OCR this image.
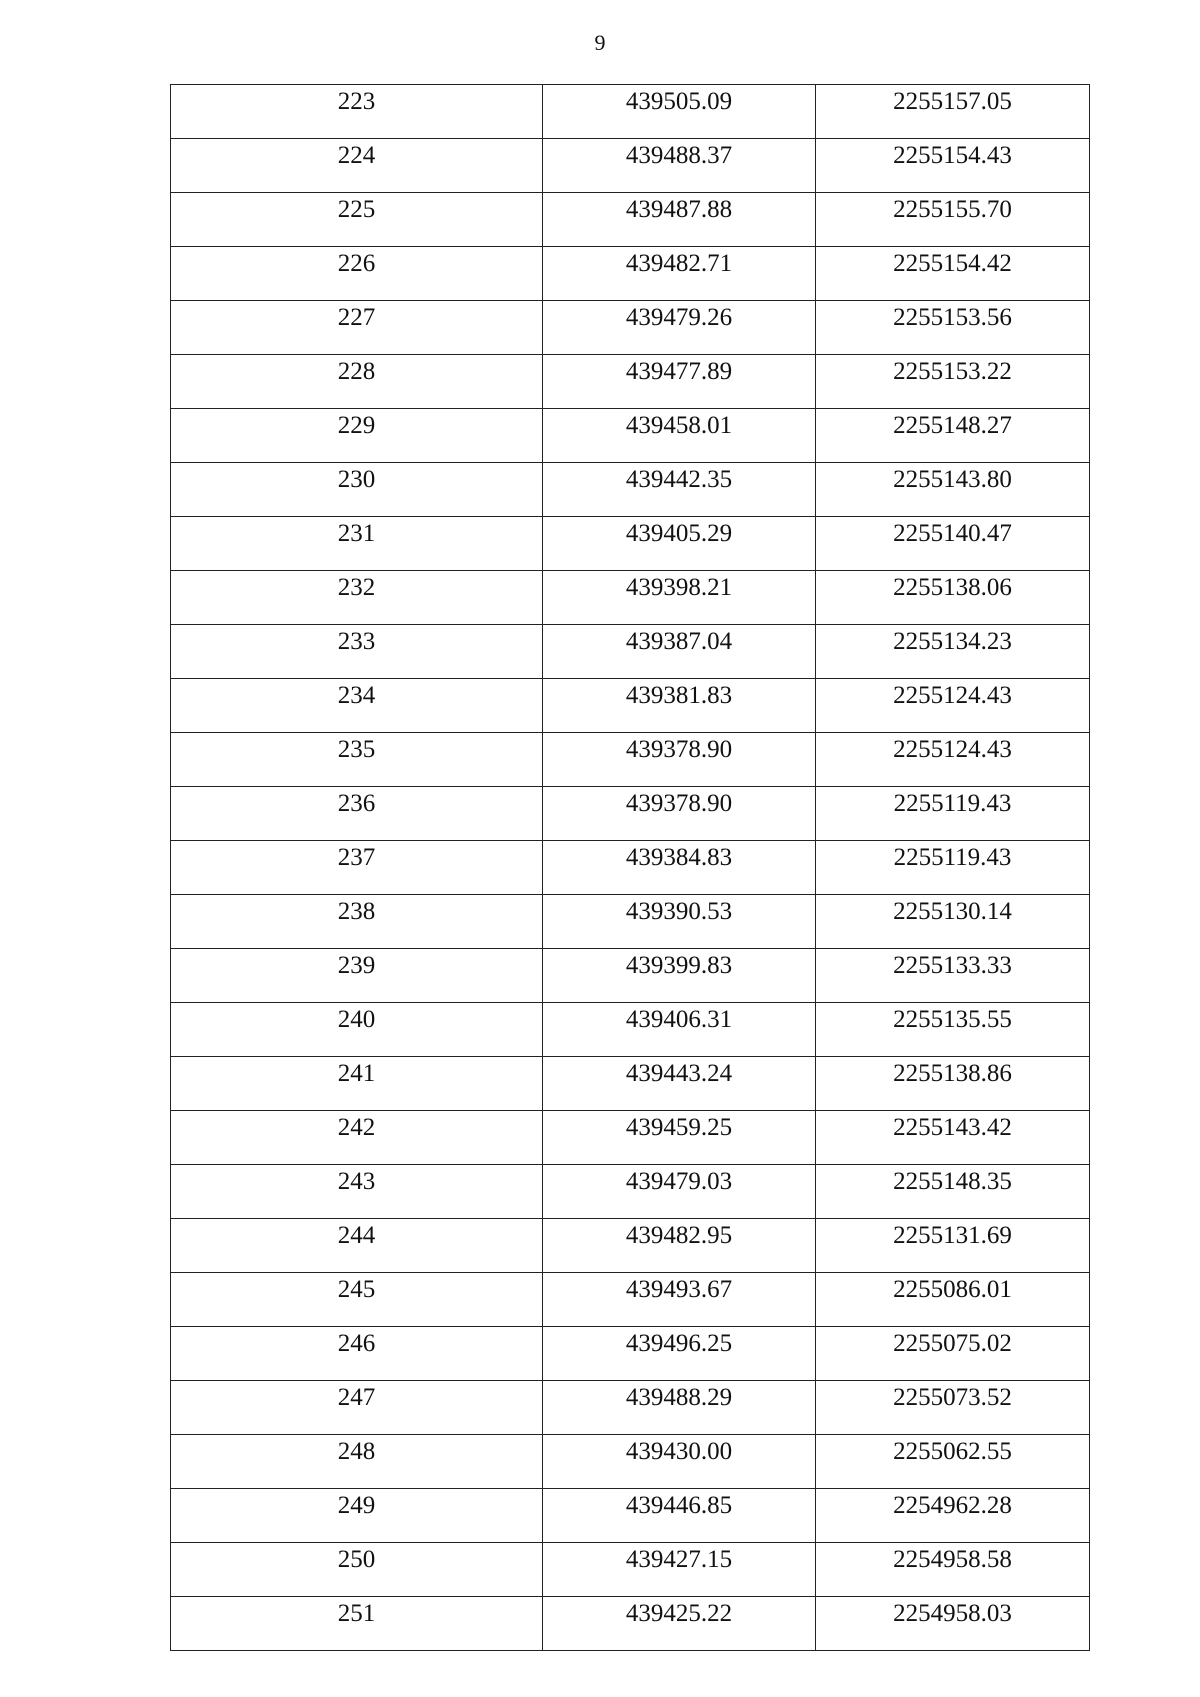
9
223	439505.09	2255157.05

224	439488.37	2255154.43

225	439487.88	2255155.70

226	439482.71	2255154.42

227	439479.26	2255153.56

228	439477.89	2255153.22

229	439458.01	2255148.27

230	439442.35	2255143.80

231	439405.29	2255140.47

232	439398.21	2255138.06

233	439387.04	2255134.23

234	439381.83	2255124.43

235	439378.90	2255124.43

236	439378.90	2255119.43

237	439384.83	2255119.43

238	439390.53	2255130.14

239	439399.83	2255133.33

240	439406.31	2255135.55

241	439443.24	2255138.86

242	439459.25	2255143.42

243	439479.03	2255148.35

244	439482.95	2255131.69

245	439493.67	2255086.01

246	439496.25	2255075.02

247	439488.29	2255073.52

248	439430.00	2255062.55

249	439446.85	2254962.28

250	439427.15	2254958.58

251	439425.22	2254958.03
